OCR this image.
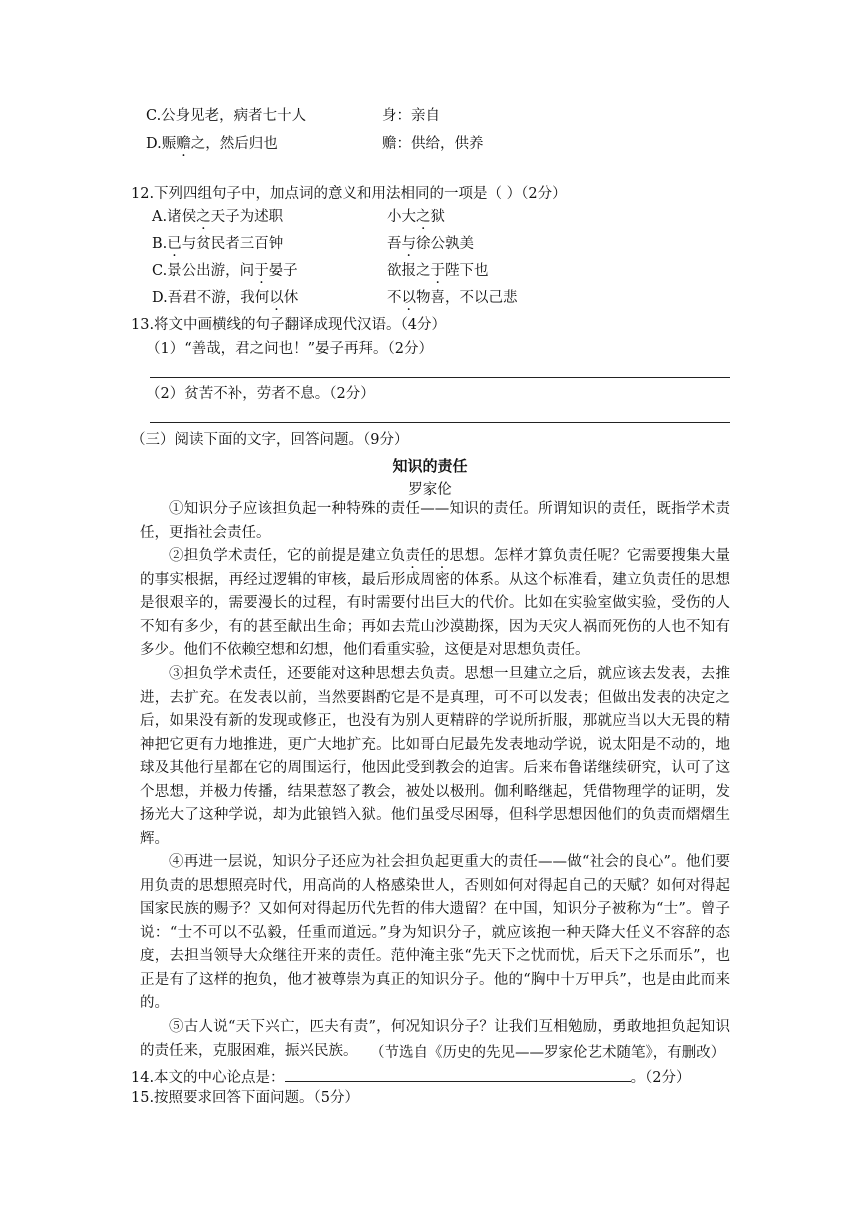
C.公身见老，病者七十人	身：亲自
D.赈赡之，然后归也	赡：供给，供养
12.下列四组句子中，加点词的意义和用法相同的一项是（ ）（2分）
A.诸侯之天子为述职	小大之狱
B.已与贫民者三百钟	吾与徐公孰美
C.景公出游，问于晏子	欲报之于陛下也
D.吾君不游，我何以休	不以物喜，不以己悲
13.将文中画横线的句子翻译成现代汉语。（4分）
（1）“善哉，君之问也！”晏子再拜。（2分）
（2）贫苦不补，劳者不息。（2分）
（三）阅读下面的文字，回答问题。（9分）
知识的责任
罗家伦
①知识分子应该担负起一种特殊的责任——知识的责任。所谓知识的责任，既指学术责任，更指社会责任。
②担负学术责任，它的前提是建立负责任的思想。怎样才算负责任呢？它需要搜集大量的事实根据，再经过逻辑的审核，最后形成周密的体系。从这个标准看，建立负责任的思想是很艰辛的，需要漫长的过程，有时需要付出巨大的代价。比如在实验室做实验，受伤的人不知有多少，有的甚至献出生命；再如去荒山沙漠勘探，因为天灾人祸而死伤的人也不知有多少。他们不依赖空想和幻想，他们看重实验，这便是对思想负责任。
③担负学术责任，还要能对这种思想去负责。思想一旦建立之后，就应该去发表，去推进，去扩充。在发表以前，当然要斟酌它是不是真理，可不可以发表；但做出发表的决定之后，如果没有新的发现或修正，也没有为别人更精辟的学说所折服，那就应当以大无畏的精神把它更有力地推进，更广大地扩充。比如哥白尼最先发表地动学说，说太阳是不动的，地球及其他行星都在它的周围运行，他因此受到教会的迫害。后来布鲁诺继续研究，认可了这个思想，并极力传播，结果惹怒了教会，被处以极刑。伽利略继起，凭借物理学的证明，发扬光大了这种学说，却为此锒铛入狱。他们虽受尽困辱，但科学思想因他们的负责而熠熠生辉。
④再进一层说，知识分子还应为社会担负起更重大的责任——做“社会的良心”。他们要用负责的思想照亮时代，用高尚的人格感染世人，否则如何对得起自己的天赋？如何对得起国家民族的赐予？又如何对得起历代先哲的伟大遗留？在中国，知识分子被称为“士”。曾子说：“士不可以不弘毅，任重而道远。”身为知识分子，就应该抱一种天降大任义不容辞的态度，去担当领导大众继往开来的责任。范仲淹主张“先天下之忧而忧，后天下之乐而乐”，也正是有了这样的抱负，他才被尊崇为真正的知识分子。他的“胸中十万甲兵”，也是由此而来的。
⑤古人说“天下兴亡，匹夫有责”，何况知识分子？让我们互相勉励，勇敢地担负起知识的责任来，克服困难，振兴民族。 （节选自《历史的先见——罗家伦艺术随笔》，有删改）
14.本文的中心论点是：	。（2分）
15.按照要求回答下面问题。（5分）
